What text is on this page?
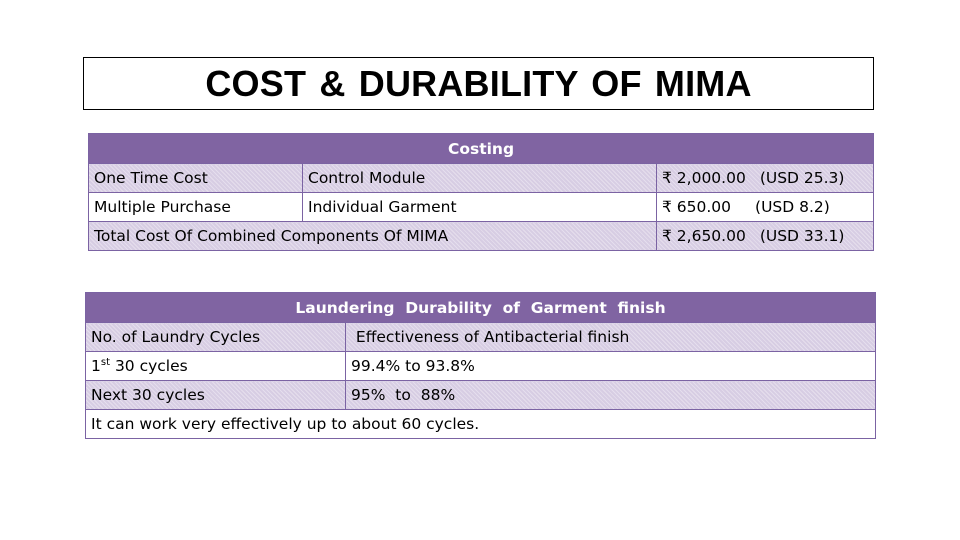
COST & DURABILITY OF MIMA
Costing		
One Time Cost	Control Module	₹ 2,000.00 (USD 25.3)
Multiple Purchase	Individual Garment	₹ 650.00 (USD 8.2)
Total Cost Of Combined Components Of MIMA		₹ 2,650.00 (USD 33.1)
Laundering  Durability  of  Garment  finish	
No. of Laundry Cycles	Effectiveness of Antibacterial finish
1st 30 cycles	99.4% to 93.8%
Next 30 cycles	95%  to  88%
It can work very effectively up to about 60 cycles.	
